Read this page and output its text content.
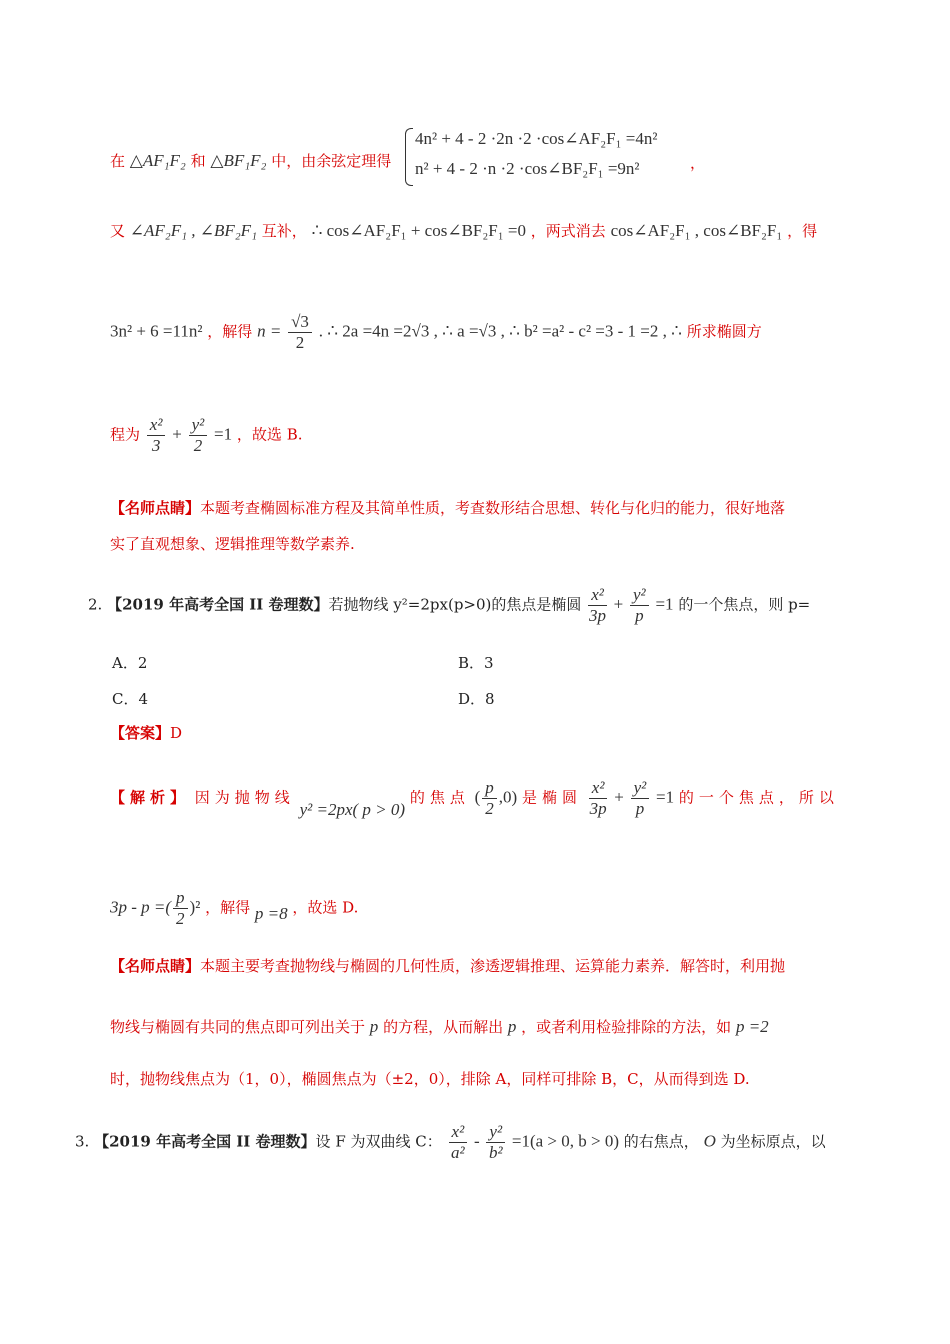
在 △AF₁F₂ 和 △BF₁F₂ 中，由余弦定理得
4n² + 4 - 2 ·2n ·2 ·cos∠AF₂F₁ =4n²
n² + 4 - 2 ·n ·2 ·cos∠BF₂F₁ =9n²	，
又 ∠AF₂F₁ , ∠BF₂F₁ 互补， ∴ cos∠AF₂F₁ + cos∠BF₂F₁ =0 ，两式消去 cos∠AF₂F₁ , cos∠BF₂F₁ ，得
3n² + 6 =11n² ，解得 $n = \frac{√3}{2}$ . ∴ 2a =4n =2√3 , ∴ a =√3 , ∴ b² =a² - c² =3 - 1 =2 , ∴ 所求椭圆方
程为 $\frac{\text{x²}}{3} + \frac{\text{y²}}{2} =1$ ，故选 B.
【名师点睛】本题考查椭圆标准方程及其简单性质，考查数形结合思想、转化与化归的能力，很好地落
实了直观想象、逻辑推理等数学素养.
2. 【2019 年高考全国 II 卷理数】若抛物线 y²=2px(p>0)的焦点是椭圆 $\frac{\text{x²}}{3p} + \frac{\text{y²}}{p} =1$ 的一个焦点，则 p=
A．2	B．3
C．4	D．8
【答案】D
【解析】 因为抛物线 y² =2px( p > 0) 的焦点 ( $\frac{p}{2} ,0$) 是椭圆 $\frac{\text{x²}}{3p} + \frac{\text{y²}}{p} =1$ 的一个焦点，所以
3p - p =( $\frac{p}{2} )^2$ ，解得 p =8 ，故选 D.
【名师点睛】本题主要考查抛物线与椭圆的几何性质，渗透逻辑推理、运算能力素养．解答时，利用抛
物线与椭圆有共同的焦点即可列出关于 p 的方程，从而解出 p ，或者利用检验排除的方法，如 p =2
时，抛物线焦点为（1，0），椭圆焦点为（±2，0），排除 A，同样可排除 B，C，从而得到选 D.
3. 【2019 年高考全国 II 卷理数】设 F 为双曲线 C： $\frac{\text{x²}}{\text{a²}} - \frac{\text{y²}}{\text{b²}} =1(a > 0$, b > 0) 的右焦点， O 为坐标原点，以
